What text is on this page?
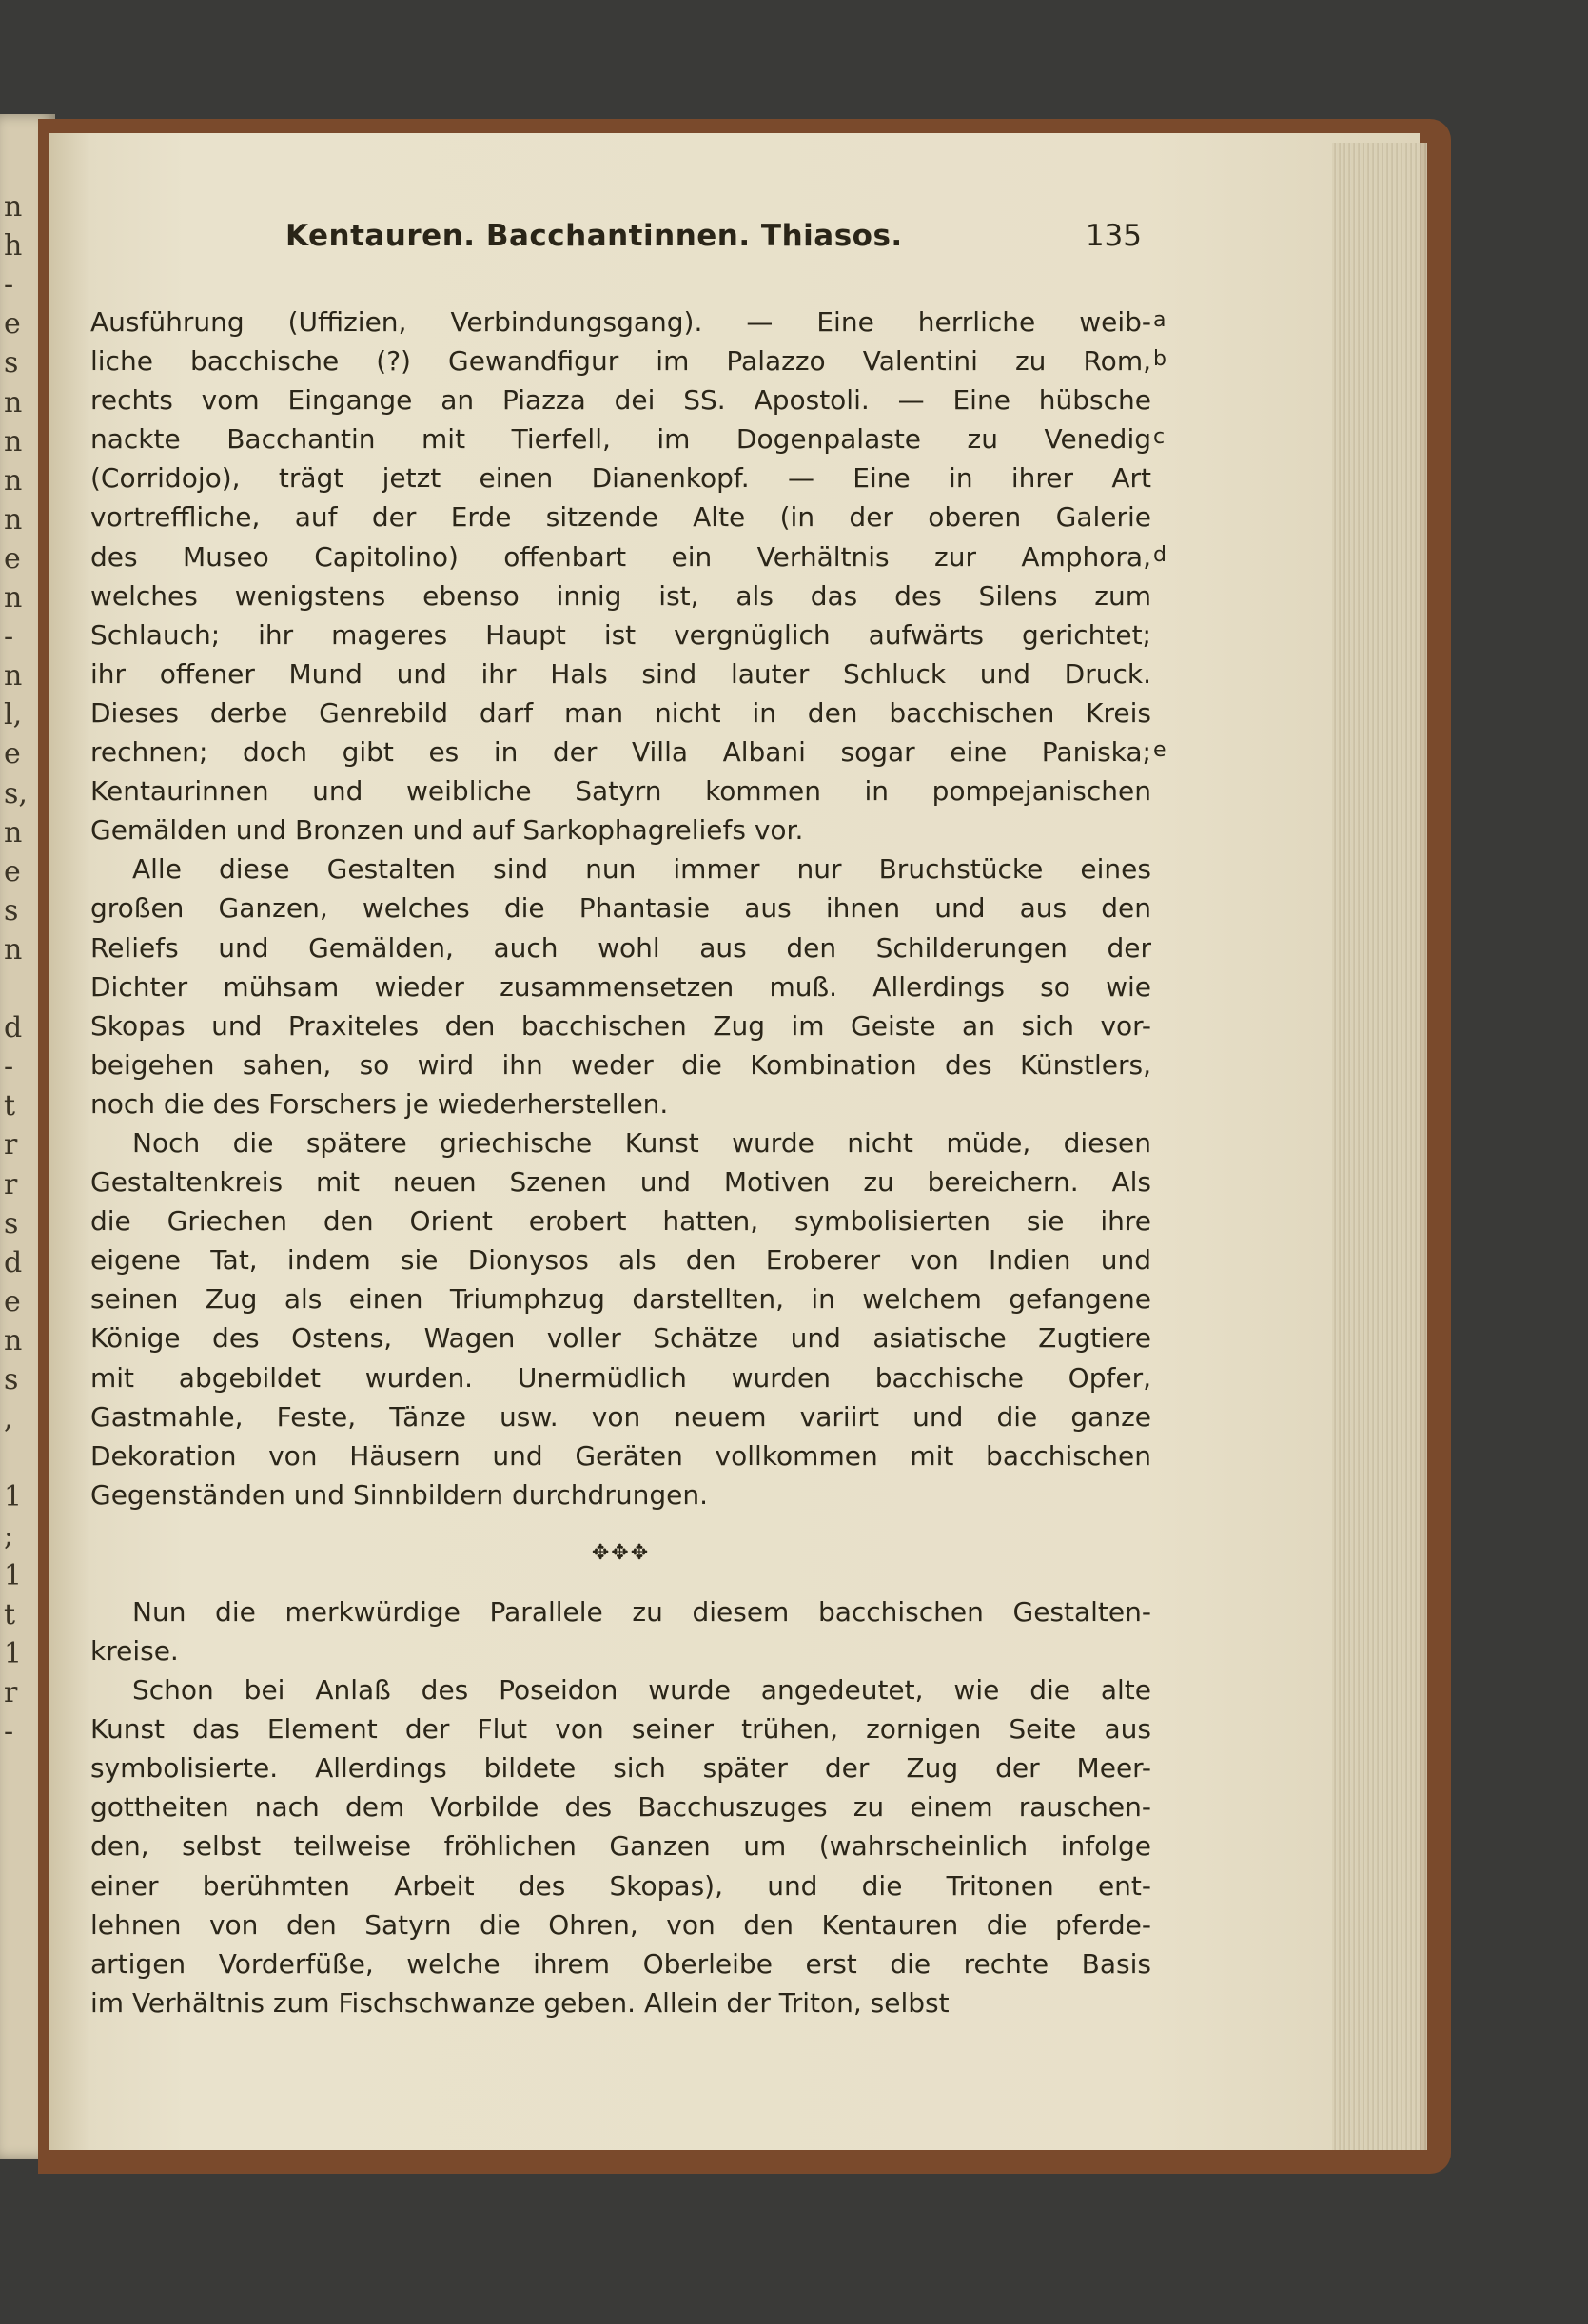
n
h
-
e
s
n
n
n
n
e
n
-
n
l,
e
s,
n
e
s
n
d
-
t
r
r
s
d
e
n
s
,
1
;
1
t
1
r
-
Kentauren. Bacchantinnen. Thiasos.	135
Ausführung (Uffizien, Verbindungsgang). — Eine herrliche weib-
liche bacchische (?) Gewandfigur im Palazzo Valentini zu Rom,
rechts vom Eingange an Piazza dei SS. Apostoli. — Eine hübsche
nackte Bacchantin mit Tierfell, im Dogenpalaste zu Venedig
(Corridojo), trägt jetzt einen Dianenkopf. — Eine in ihrer Art
vortreffliche, auf der Erde sitzende Alte (in der oberen Galerie
des Museo Capitolino) offenbart ein Verhältnis zur Amphora,
welches wenigstens ebenso innig ist, als das des Silens zum
Schlauch; ihr mageres Haupt ist vergnüglich aufwärts gerichtet;
ihr offener Mund und ihr Hals sind lauter Schluck und Druck.
Dieses derbe Genrebild darf man nicht in den bacchischen Kreis
rechnen; doch gibt es in der Villa Albani sogar eine Paniska;
Kentaurinnen und weibliche Satyrn kommen in pompejanischen
Gemälden und Bronzen und auf Sarkophagreliefs vor.
Alle diese Gestalten sind nun immer nur Bruchstücke eines
großen Ganzen, welches die Phantasie aus ihnen und aus den
Reliefs und Gemälden, auch wohl aus den Schilderungen der
Dichter mühsam wieder zusammensetzen muß. Allerdings so wie
Skopas und Praxiteles den bacchischen Zug im Geiste an sich vor-
beigehen sahen, so wird ihn weder die Kombination des Künstlers,
noch die des Forschers je wiederherstellen.
Noch die spätere griechische Kunst wurde nicht müde, diesen
Gestaltenkreis mit neuen Szenen und Motiven zu bereichern. Als
die Griechen den Orient erobert hatten, symbolisierten sie ihre
eigene Tat, indem sie Dionysos als den Eroberer von Indien und
seinen Zug als einen Triumphzug darstellten, in welchem gefangene
Könige des Ostens, Wagen voller Schätze und asiatische Zugtiere
mit abgebildet wurden. Unermüdlich wurden bacchische Opfer,
Gastmahle, Feste, Tänze usw. von neuem variirt und die ganze
Dekoration von Häusern und Geräten vollkommen mit bacchischen
Gegenständen und Sinnbildern durchdrungen.
✥✥✥
Nun die merkwürdige Parallele zu diesem bacchischen Gestalten-
kreise.
Schon bei Anlaß des Poseidon wurde angedeutet, wie die alte
Kunst das Element der Flut von seiner trühen, zornigen Seite aus
symbolisierte. Allerdings bildete sich später der Zug der Meer-
gottheiten nach dem Vorbilde des Bacchuszuges zu einem rauschen-
den, selbst teilweise fröhlichen Ganzen um (wahrscheinlich infolge
einer berühmten Arbeit des Skopas), und die Tritonen ent-
lehnen von den Satyrn die Ohren, von den Kentauren die pferde-
artigen Vorderfüße, welche ihrem Oberleibe erst die rechte Basis
im Verhältnis zum Fischschwanze geben. Allein der Triton, selbst
a
b
c
d
e
